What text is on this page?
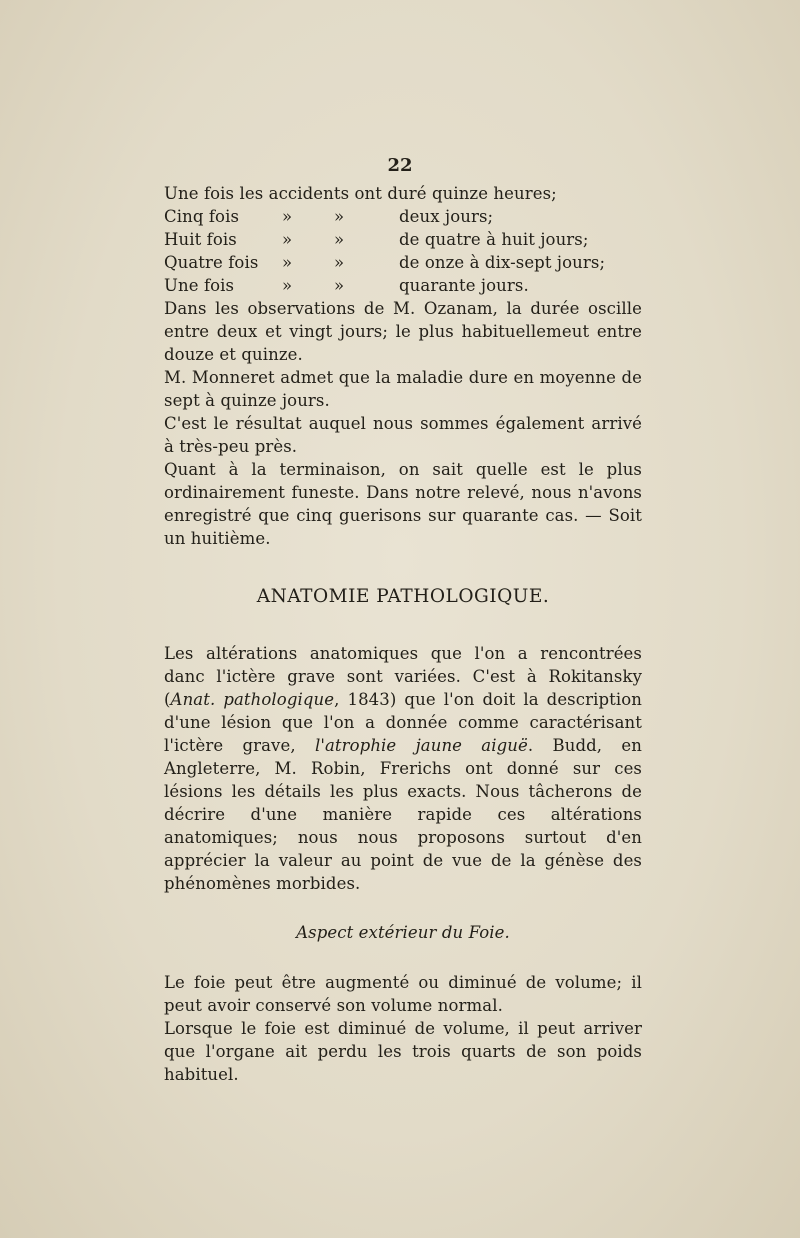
22

Une fois les accidents ont duré quinze heures;

Cinq fois	»	»	deux jours;
Huit fois	»	»	de quatre à huit jours;
Quatre fois	»	»	de onze à dix-sept jours;
Une fois	»	»	quarante jours.

Dans les observations de M. Ozanam, la durée oscille entre deux et vingt jours; le plus habituellemeut entre douze et quinze.

M. Monneret admet que la maladie dure en moyenne de sept à quinze jours.

C'est le résultat auquel nous sommes également arrivé à très-peu près.

Quant à la terminaison, on sait quelle est le plus ordinairement funeste. Dans notre relevé, nous n'avons enregistré que cinq guerisons sur quarante cas. — Soit un huitième.

ANATOMIE PATHOLOGIQUE.

Les altérations anatomiques que l'on a rencontrées danc l'ictère grave sont variées. C'est à Rokitansky (Anat. pathologique, 1843) que l'on doit la description d'une lésion que l'on a donnée comme caractérisant l'ictère grave, l'atrophie jaune aiguë. Budd, en Angleterre, M. Robin, Frerichs ont donné sur ces lésions les détails les plus exacts. Nous tâcherons de décrire d'une manière rapide ces altérations anatomiques; nous nous proposons surtout d'en apprécier la valeur au point de vue de la génèse des phénomènes morbides.

Aspect extérieur du Foie.

Le foie peut être augmenté ou diminué de volume; il peut avoir conservé son volume normal.

Lorsque le foie est diminué de volume, il peut arriver que l'organe ait perdu les trois quarts de son poids habituel.
